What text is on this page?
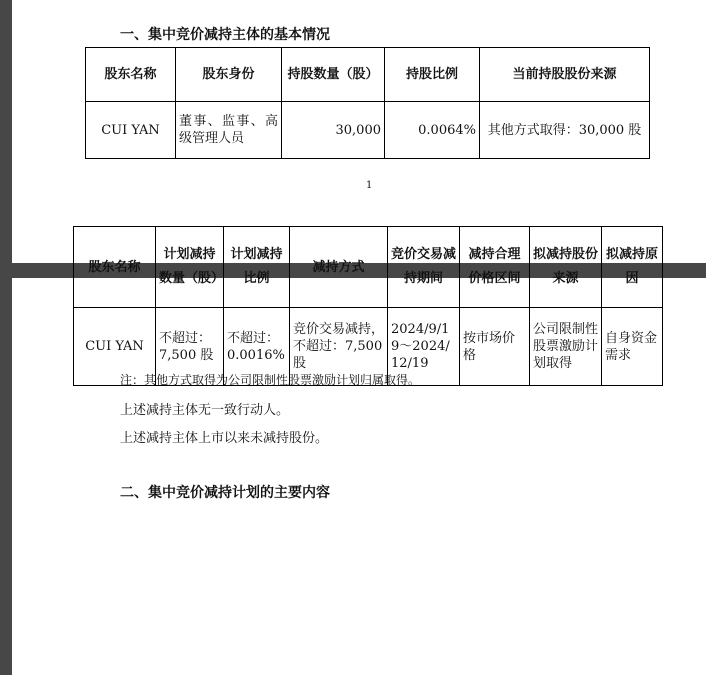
一、集中竞价减持主体的基本情况
股东名称	股东身份	持股数量（股）	持股比例	当前持股股份来源
CUI YAN	董事、监事、高级管理人员	30,000	0.0064%	其他方式取得：30,000 股
1
注：其他方式取得为公司限制性股票激励计划归属取得。
上述减持主体无一致行动人。
上述减持主体上市以来未减持股份。
二、集中竞价减持计划的主要内容
股东名称	计划减持数量（股）	计划减持比例	减持方式	竞价交易减持期间	减持合理价格区间	拟减持股份来源	拟减持原因
CUI YAN	不超过：7,500 股	不超过：0.0016%	竞价交易减持，不超过：7,500 股	2024/9/19～2024/12/19	按市场价格	公司限制性股票激励计划取得	自身资金需求
